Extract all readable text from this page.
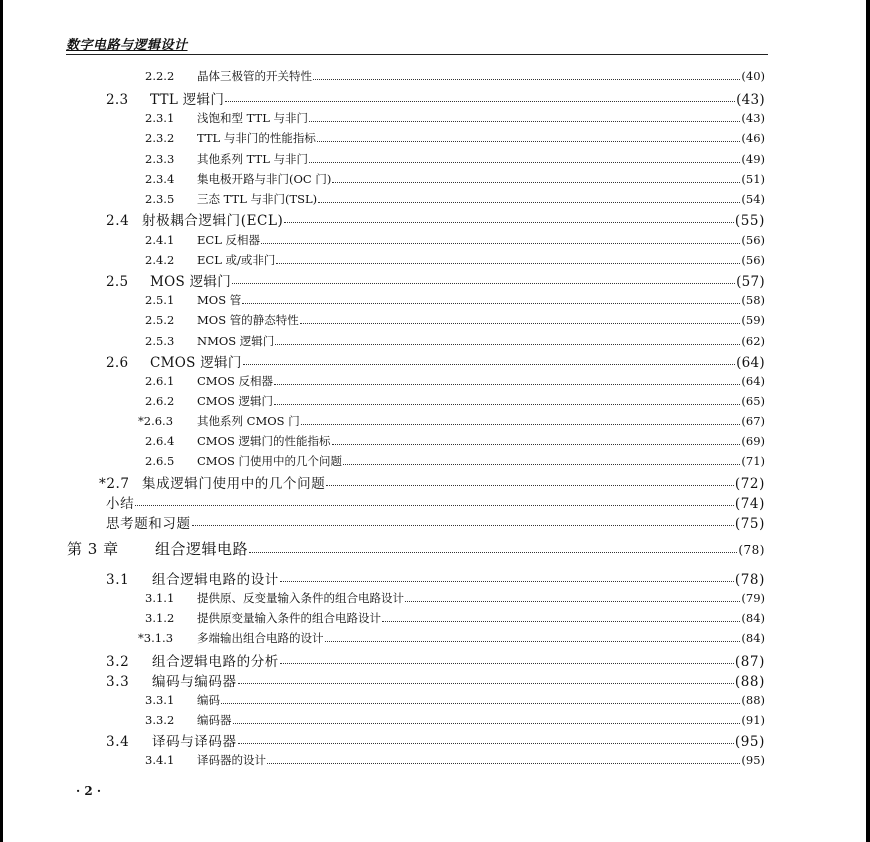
数字电路与逻辑设计
2.2.2	晶体三极管的开关特性	(40)
2.3	TTL 逻辑门	(43)
2.3.1	浅饱和型 TTL 与非门	(43)
2.3.2	TTL 与非门的性能指标	(46)
2.3.3	其他系列 TTL 与非门	(49)
2.3.4	集电极开路与非门(OC 门)	(51)
2.3.5	三态 TTL 与非门(TSL)	(54)
2.4 射极耦合逻辑门(ECL)	(55)
2.4.1	ECL 反相器	(56)
2.4.2	ECL 或/或非门	(56)
2.5	MOS 逻辑门	(57)
2.5.1	MOS 管	(58)
2.5.2	MOS 管的静态特性	(59)
2.5.3	NMOS 逻辑门	(62)
2.6	CMOS 逻辑门	(64)
2.6.1	CMOS 反相器	(64)
2.6.2	CMOS 逻辑门	(65)
*2.6.3	其他系列 CMOS 门	(67)
2.6.4	CMOS 逻辑门的性能指标	(69)
2.6.5	CMOS 门使用中的几个问题	(71)
*2.7 集成逻辑门使用中的几个问题	(72)
小结	(74)
思考题和习题	(75)
第 3 章	组合逻辑电路	(78)
3.1	组合逻辑电路的设计	(78)
3.1.1	提供原、反变量输入条件的组合电路设计	(79)
3.1.2	提供原变量输入条件的组合电路设计	(84)
*3.1.3	多端输出组合电路的设计	(84)
3.2	组合逻辑电路的分析	(87)
3.3	编码与编码器	(88)
3.3.1	编码	(88)
3.3.2	编码器	(91)
3.4	译码与译码器	(95)
3.4.1	译码器的设计	(95)
· 2 ·
